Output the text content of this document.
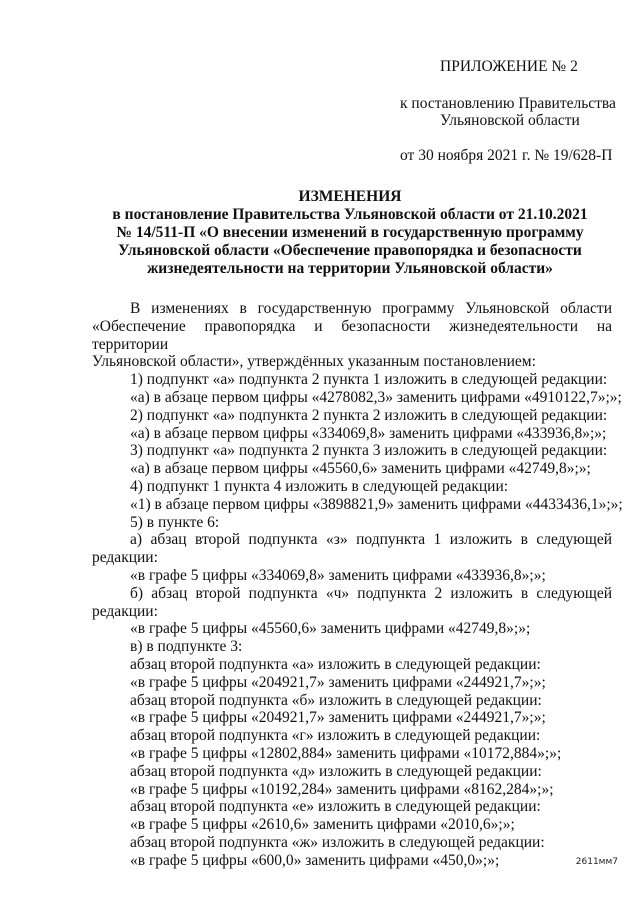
ПРИЛОЖЕНИЕ № 2
к постановлению Правительства
Ульяновской области
от 30 ноября 2021 г. № 19/628-П
ИЗМЕНЕНИЯ
в постановление Правительства Ульяновской области от 21.10.2021
№ 14/511-П «О внесении изменений в государственную программу
Ульяновской области «Обеспечение правопорядка и безопасности
жизнедеятельности на территории Ульяновской области»
В изменениях в государственную программу Ульяновской области
«Обеспечение правопорядка и безопасности жизнедеятельности на территории
Ульяновской области», утверждённых указанным постановлением:
1) подпункт «а» подпункта 2 пункта 1 изложить в следующей редакции:
«а) в абзаце первом цифры «4278082,3» заменить цифрами «4910122,7»;»;
2) подпункт «а» подпункта 2 пункта 2 изложить в следующей редакции:
«а) в абзаце первом цифры «334069,8» заменить цифрами «433936,8»;»;
3) подпункт «а» подпункта 2 пункта 3 изложить в следующей редакции:
«а) в абзаце первом цифры «45560,6» заменить цифрами «42749,8»;»;
4) подпункт 1 пункта 4 изложить в следующей редакции:
«1) в абзаце первом цифры «3898821,9» заменить цифрами «4433436,1»;»;
5) в пункте 6:
а) абзац второй подпункта «з» подпункта 1 изложить в следующей
редакции:
«в графе 5 цифры «334069,8» заменить цифрами «433936,8»;»;
б) абзац второй подпункта «ч» подпункта 2 изложить в следующей
редакции:
«в графе 5 цифры «45560,6» заменить цифрами «42749,8»;»;
в) в подпункте 3:
абзац второй подпункта «а» изложить в следующей редакции:
«в графе 5 цифры «204921,7» заменить цифрами «244921,7»;»;
абзац второй подпункта «б» изложить в следующей редакции:
«в графе 5 цифры «204921,7» заменить цифрами «244921,7»;»;
абзац второй подпункта «г» изложить в следующей редакции:
«в графе 5 цифры «12802,884» заменить цифрами «10172,884»;»;
абзац второй подпункта «д» изложить в следующей редакции:
«в графе 5 цифры «10192,284» заменить цифрами «8162,284»;»;
абзац второй подпункта «е» изложить в следующей редакции:
«в графе 5 цифры «2610,6» заменить цифрами «2010,6»;»;
абзац второй подпункта «ж» изложить в следующей редакции:
«в графе 5 цифры «600,0» заменить цифрами «450,0»;»;	2611мм7
